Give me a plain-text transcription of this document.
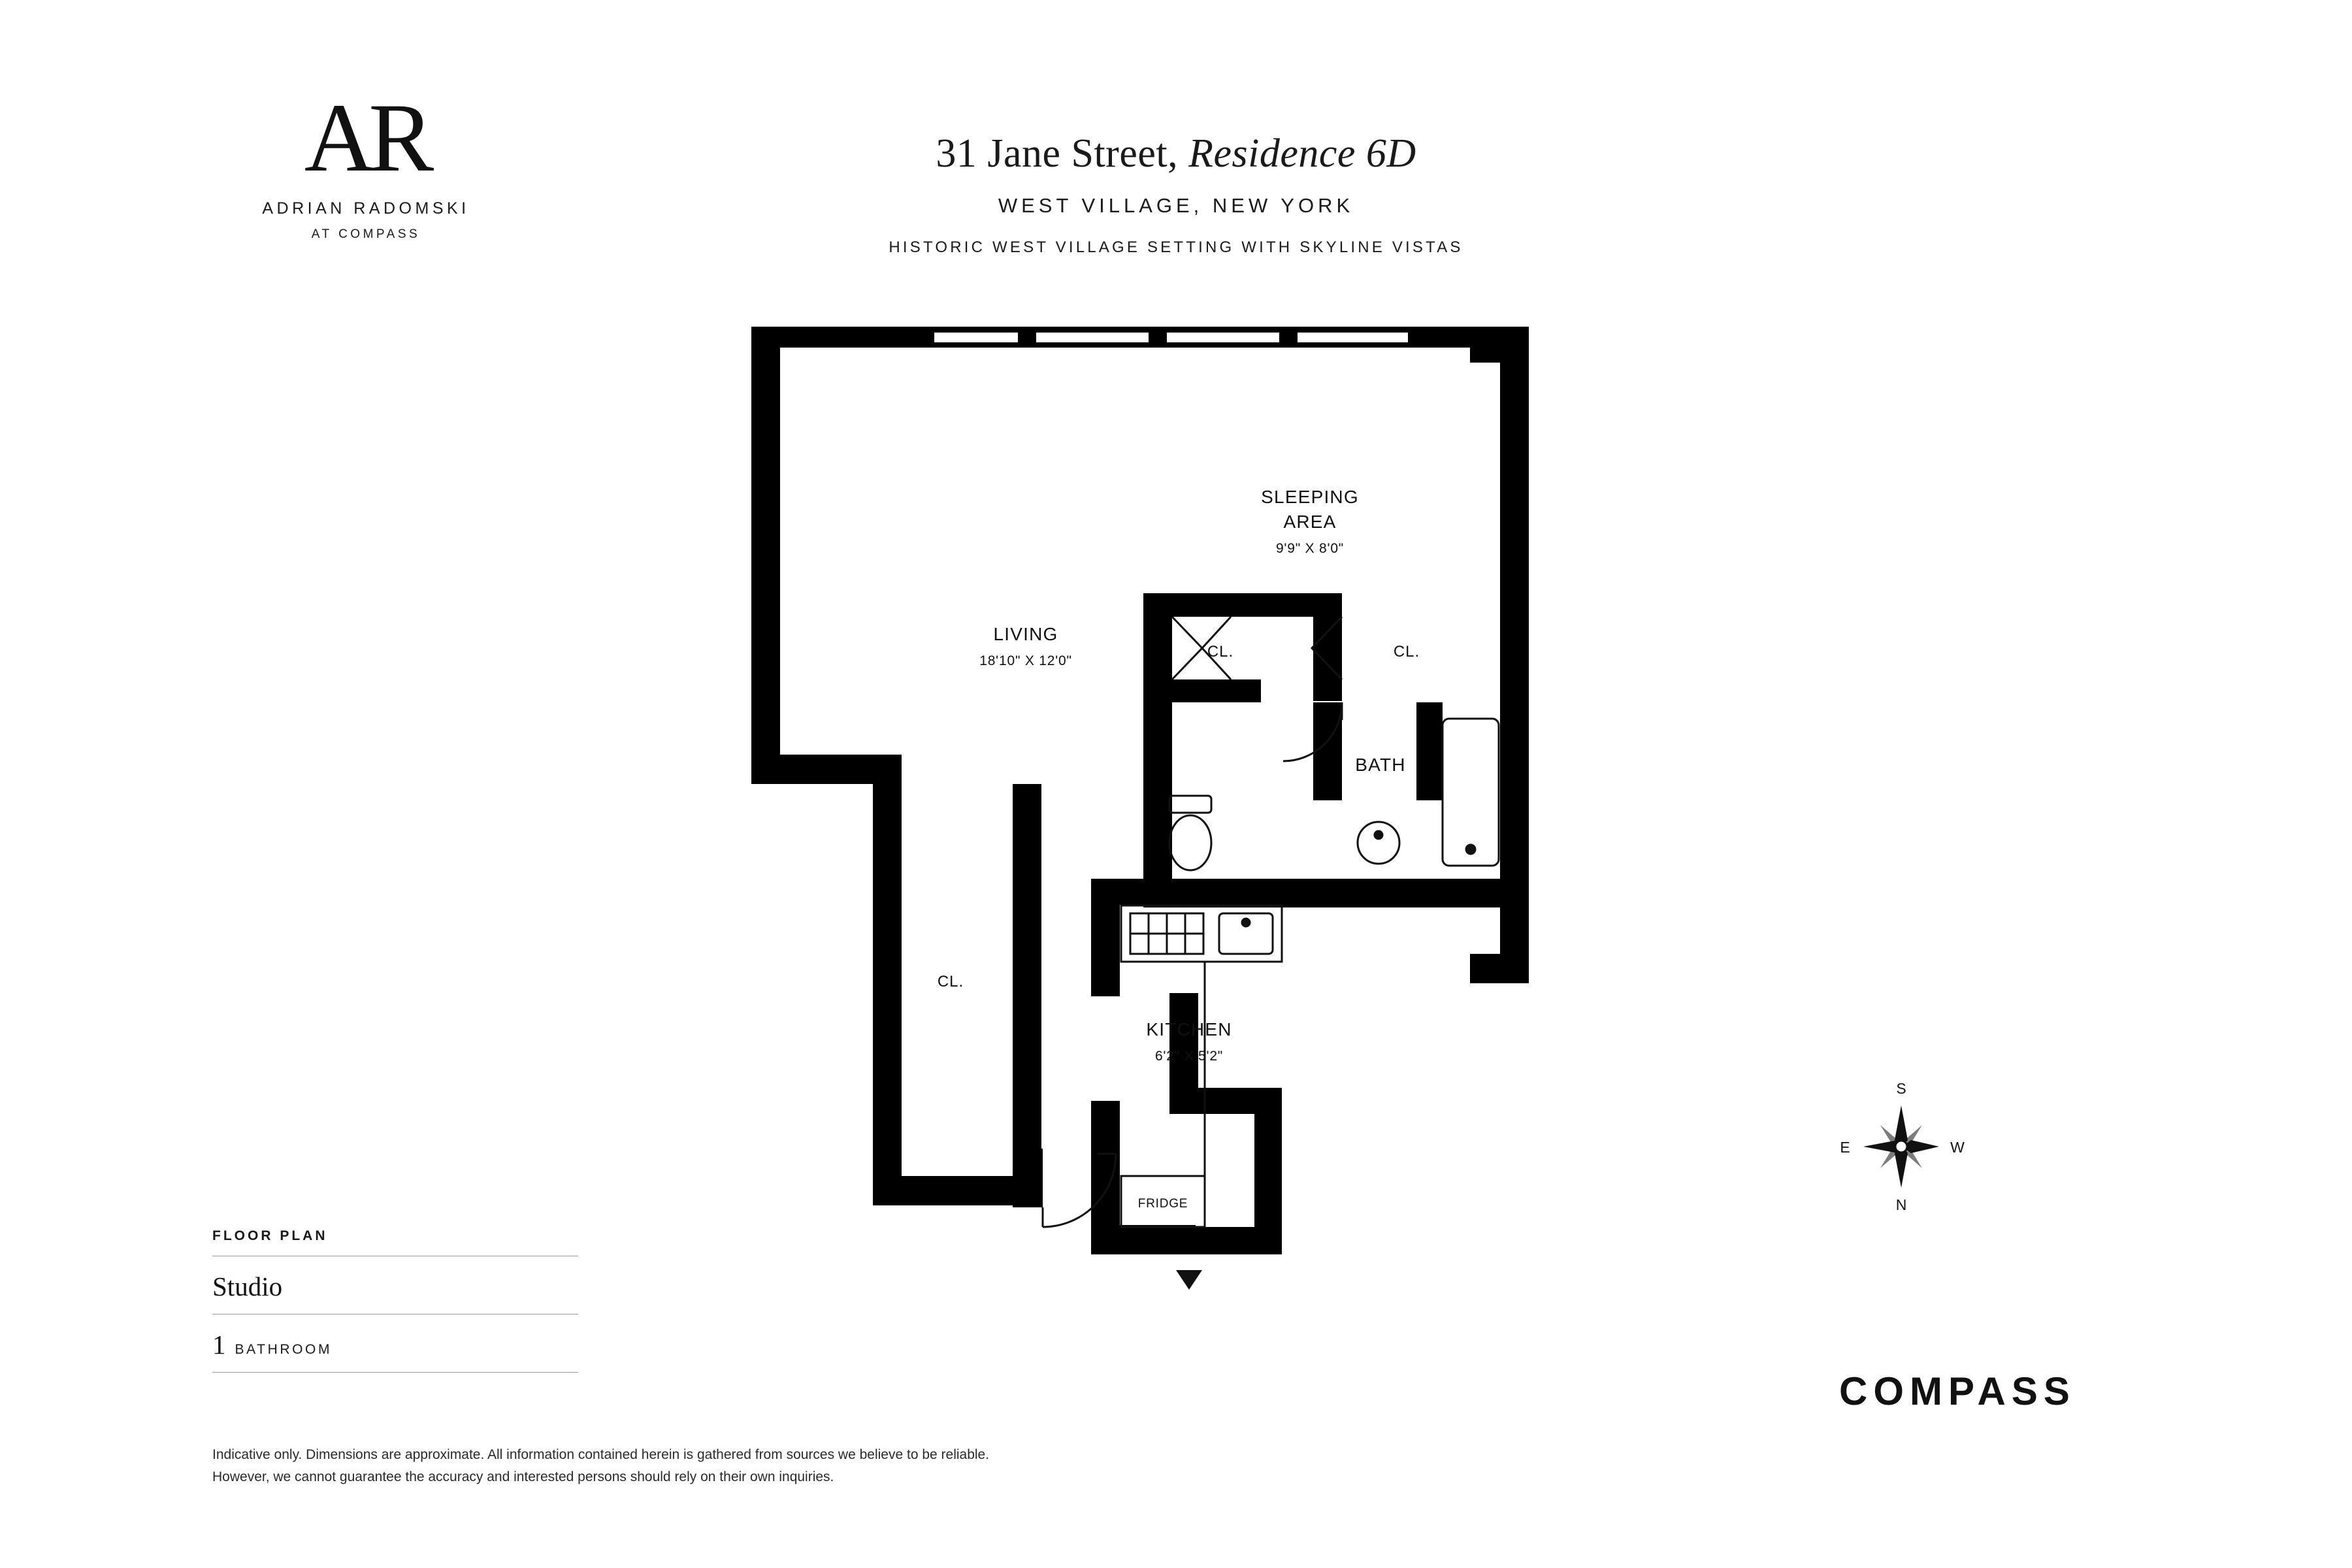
AR
ADRIAN RADOMSKI
AT COMPASS
31 Jane Street, Residence 6D
WEST VILLAGE, NEW YORK
HISTORIC WEST VILLAGE SETTING WITH SKYLINE VISTAS
LIVING
18'10" X 12'0"
SLEEPING
AREA
9'9" X 8'0"
CL.	CL.
BATH
CL.
KITCHEN
6'2" X 5'2"
FRIDGE
S
N
E	W
FLOOR PLAN
Studio
1 BATHROOM
Indicative only. Dimensions are approximate. All information contained herein is gathered from sources we believe to be reliable. However, we cannot guarantee the accuracy and interested persons should rely on their own inquiries.
COMPASS
